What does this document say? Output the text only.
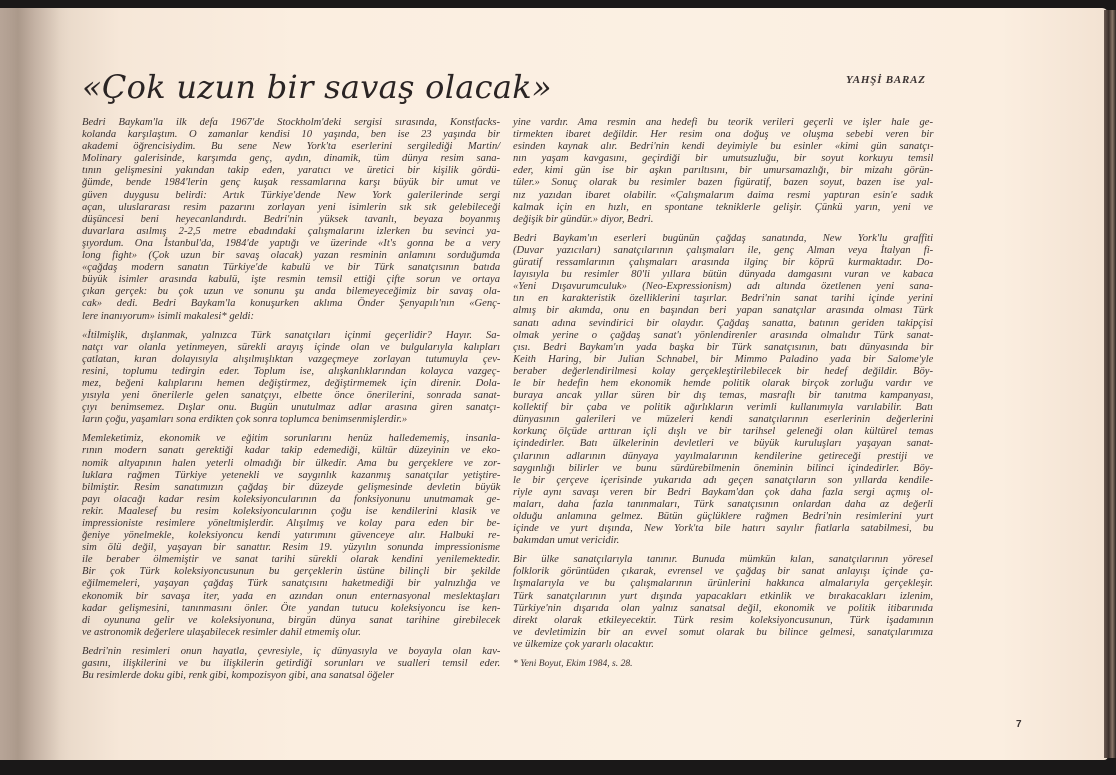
«Çok uzun bir savaş olacak»	YAHŞİ BARAZ
Bedri Baykam'la ilk defa 1967'de Stockholm'deki sergisi sırasında, Konstfacks-
kolanda karşılaştım. O zamanlar kendisi 10 yaşında, ben ise 23 yaşında bir
akademi öğrencisiydim. Bu sene New York'ta eserlerini sergilediği Martin/
Molinary galerisinde, karşımda genç, aydın, dinamik, tüm dünya resim sana-
tının gelişmesini yakından takip eden, yaratıcı ve üretici bir kişilik gördü-
ğümde, bende 1984'lerin genç kuşak ressamlarına karşı büyük bir umut ve
güven duygusu belirdi: Artık Türkiye'dende New York galerilerinde sergi
açan, uluslararası resim pazarını zorlayan yeni isimlerin sık sık gelebileceği
düşüncesi beni heyecanlandırdı. Bedri'nin yüksek tavanlı, beyaza boyanmış
duvarlara asılmış 2-2,5 metre ebadındaki çalışmalarını izlerken bu sevinci ya-
şıyordum. Ona İstanbul'da, 1984'de yaptığı ve üzerinde «It's gonna be a very
long fight» (Çok uzun bir savaş olacak) yazan resminin anlamını sorduğumda
«çağdaş modern sanatın Türkiye'de kabulü ve bir Türk sanatçısının batıda
büyük isimler arasında kabulü, işte resmin temsil ettiği çifte sorun ve ortaya
çıkan gerçek: bu çok uzun ve sonunu şu anda bilemeyeceğimiz bir savaş ola-
cak» dedi. Bedri Baykam'la konuşurken aklıma Önder Şenyapılı'nın «Genç-
lere inanıyorum» isimli makalesi* geldi:
«İtilmişlik, dışlanmak, yalnızca Türk sanatçıları içinmi geçerlidir? Hayır. Sa-
natçı var olanla yetinmeyen, sürekli arayış içinde olan ve bulgularıyla kalıpları
çatlatan, kıran dolayısıyla alışılmışlıktan vazgeçmeye zorlayan tutumuyla çev-
resini, toplumu tedirgin eder. Toplum ise, alışkanlıklarından kolayca vazgeç-
mez, beğeni kalıplarını hemen değiştirmez, değiştirmemek için direnir. Dola-
yısıyla yeni önerilerle gelen sanatçıyı, elbette önce önerilerini, sonrada sanat-
çıyı benimsemez. Dışlar onu. Bugün unutulmaz adlar arasına giren sanatçı-
ların çoğu, yaşamları sona erdikten çok sonra toplumca benimsenmişlerdir.»
Memleketimiz, ekonomik ve eğitim sorunlarını henüz halledememiş, insanla-
rının modern sanatı gerektiği kadar takip edemediği, kültür düzeyinin ve eko-
nomik altyapının halen yeterli olmadığı bir ülkedir. Ama bu gerçeklere ve zor-
luklara rağmen Türkiye yetenekli ve saygınlık kazanmış sanatçılar yetiştire-
bilmiştir. Resim sanatımızın çağdaş bir düzeyde gelişmesinde devletin büyük
payı olacağı kadar resim koleksiyoncularının da fonksiyonunu unutmamak ge-
rekir. Maalesef bu resim koleksiyoncularının çoğu ise kendilerini klasik ve
impressioniste resimlere yöneltmişlerdir. Alışılmış ve kolay para eden bir be-
ğeniye yönelmekle, koleksiyoncu kendi yatırımını güvenceye alır. Halbuki re-
sim ölü değil, yaşayan bir sanattır. Resim 19. yüzyılın sonunda impressionisme
ile beraber ölmemiştir ve sanat tarihi sürekli olarak kendini yenilemektedir.
Bir çok Türk koleksiyoncusunun bu gerçeklerin üstüne bilinçli bir şekilde
eğilmemeleri, yaşayan çağdaş Türk sanatçısını haketmediği bir yalnızlığa ve
ekonomik bir savaşa iter, yada en azından onun enternasyonal meslektaşları
kadar gelişmesini, tanınmasını önler. Öte yandan tutucu koleksiyoncu ise ken-
di oyununa gelir ve koleksiyonuna, birgün dünya sanat tarihine girebilecek
ve astronomik değerlere ulaşabilecek resimler dahil etmemiş olur.
Bedri'nin resimleri onun hayatla, çevresiyle, iç dünyasıyla ve boyayla olan kav-
gasını, ilişkilerini ve bu ilişkilerin getirdiği sorunları ve sualleri temsil eder.
Bu resimlerde doku gibi, renk gibi, kompozisyon gibi, ana sanatsal öğeler
yine vardır. Ama resmin ana hedefi bu teorik verileri geçerli ve işler hale ge-
tirmekten ibaret değildir. Her resim ona doğuş ve oluşma sebebi veren bir
esinden kaynak alır. Bedri'nin kendi deyimiyle bu esinler «kimi gün sanatçı-
nın yaşam kavgasını, geçirdiği bir umutsuzluğu, bir soyut korkuyu temsil
eder, kimi gün ise bir aşkın parıltısını, bir umursamazlığı, bir mizahı görün-
tüler.» Sonuç olarak bu resimler bazen figüratif, bazen soyut, bazen ise yal-
nız yazıdan ibaret olabilir. «Çalışmalarım daima resmi yaptıran esin'e sadık
kalmak için en hızlı, en spontane tekniklerle gelişir. Çünkü yarın, yeni ve
değişik bir gündür.» diyor, Bedri.
Bedri Baykam'ın eserleri bugünün çağdaş sanatında, New York'lu graffiti
(Duvar yazıcıları) sanatçılarının çalışmaları ile, genç Alman veya İtalyan fi-
güratif ressamlarının çalışmaları arasında ilginç bir köprü kurmaktadır. Do-
layısıyla bu resimler 80'li yıllara bütün dünyada damgasını vuran ve kabaca
«Yeni Dışavurumculuk» (Neo-Expressionism) adı altında özetlenen yeni sana-
tın en karakteristik özelliklerini taşırlar. Bedri'nin sanat tarihi içinde yerini
almış bir akımda, onu en başından beri yapan sanatçılar arasında olması Türk
sanatı adına sevindirici bir olaydır. Çağdaş sanatta, batının geriden takipçisi
olmak yerine o çağdaş sanat'ı yönlendirenler arasında olmalıdır Türk sanat-
çısı. Bedri Baykam'ın yada başka bir Türk sanatçısının, batı dünyasında bir
Keith Haring, bir Julian Schnabel, bir Mimmo Paladino yada bir Salome'yle
beraber değerlendirilmesi kolay gerçekleştirilebilecek bir hedef değildir. Böy-
le bir hedefin hem ekonomik hemde politik olarak birçok zorluğu vardır ve
buraya ancak yıllar süren bir dış temas, masraflı bir tanıtma kampanyası,
kollektif bir çaba ve politik ağırlıkların verimli kullanımıyla varılabilir. Batı
dünyasının galerileri ve müzeleri kendi sanatçılarının eserlerinin değerlerini
korkunç ölçüde arttıran içli dışlı ve bir tarihsel geleneği olan kültürel temas
içindedirler. Batı ülkelerinin devletleri ve büyük kuruluşları yaşayan sanat-
çılarının adlarının dünyaya yayılmalarının kendilerine getireceği prestiji ve
saygınlığı bilirler ve bunu sürdürebilmenin öneminin bilinci içindedirler. Böy-
le bir çerçeve içerisinde yukarıda adı geçen sanatçıların son yıllarda kendile-
riyle aynı savaşı veren bir Bedri Baykam'dan çok daha fazla sergi açmış ol-
maları, daha fazla tanınmaları, Türk sanatçısının onlardan daha az değerli
olduğu anlamına gelmez. Bütün güçlüklere rağmen Bedri'nin resimlerini yurt
içinde ve yurt dışında, New York'ta bile hatırı sayılır fiatlarla satabilmesi, bu
bakımdan umut vericidir.
Bir ülke sanatçılarıyla tanınır. Bunuda mümkün kılan, sanatçılarının yöresel
folklorik görüntüden çıkarak, evrensel ve çağdaş bir sanat anlayışı içinde ça-
lışmalarıyla ve bu çalışmalarının ürünlerini hakkınca almalarıyla gerçekleşir.
Türk sanatçılarının yurt dışında yapacakları etkinlik ve bırakacakları izlenim,
Türkiye'nin dışarıda olan yalnız sanatsal değil, ekonomik ve politik itibarınıda
direkt olarak etkileyecektir. Türk resim koleksiyoncusunun, Türk işadamının
ve devletimizin bir an evvel somut olarak bu bilince gelmesi, sanatçılarımıza
ve ülkemize çok yararlı olacaktır.
* Yeni Boyut, Ekim 1984, s. 28.
7
